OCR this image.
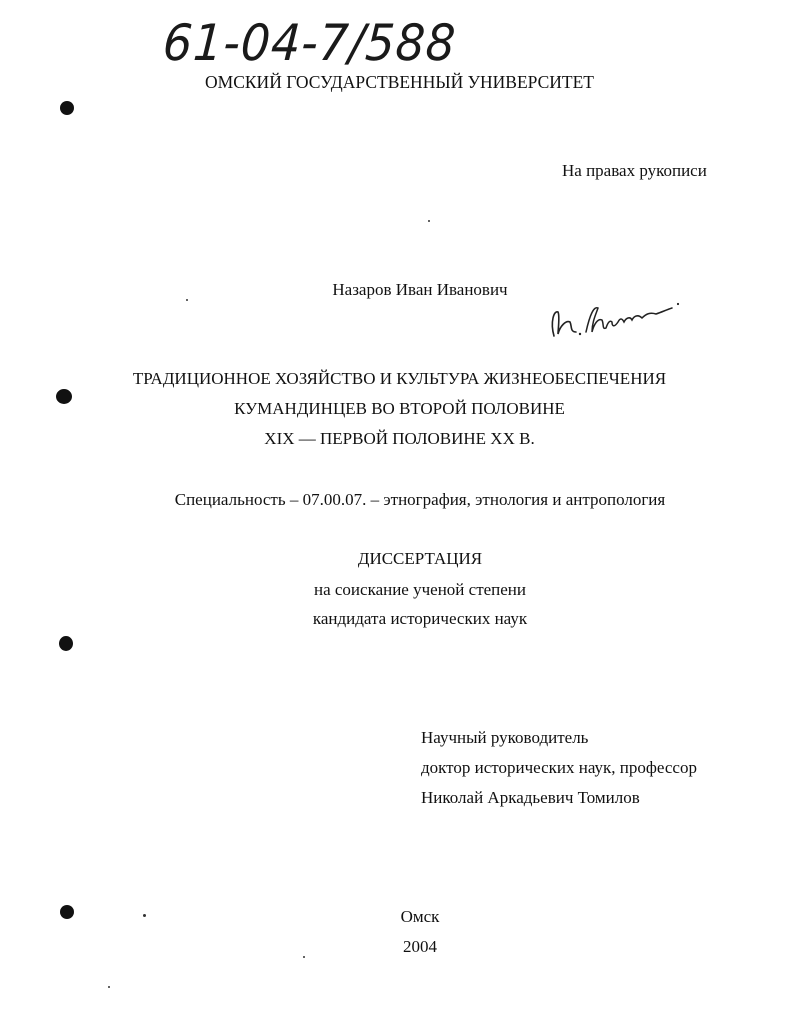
61-04-7/588
ОМСКИЙ ГОСУДАРСТВЕННЫЙ УНИВЕРСИТЕТ
На правах рукописи
Назаров Иван Иванович
ТРАДИЦИОННОЕ ХОЗЯЙСТВО И КУЛЬТУРА ЖИЗНЕОБЕСПЕЧЕНИЯ
КУМАНДИНЦЕВ ВО ВТОРОЙ ПОЛОВИНЕ
XIX — ПЕРВОЙ ПОЛОВИНЕ XX В.
Специальность – 07.00.07. – этнография, этнология и антропология
ДИССЕРТАЦИЯ
на соискание ученой степени
кандидата исторических наук
Научный руководитель
доктор исторических наук, профессор
Николай Аркадьевич Томилов
Омск
2004
